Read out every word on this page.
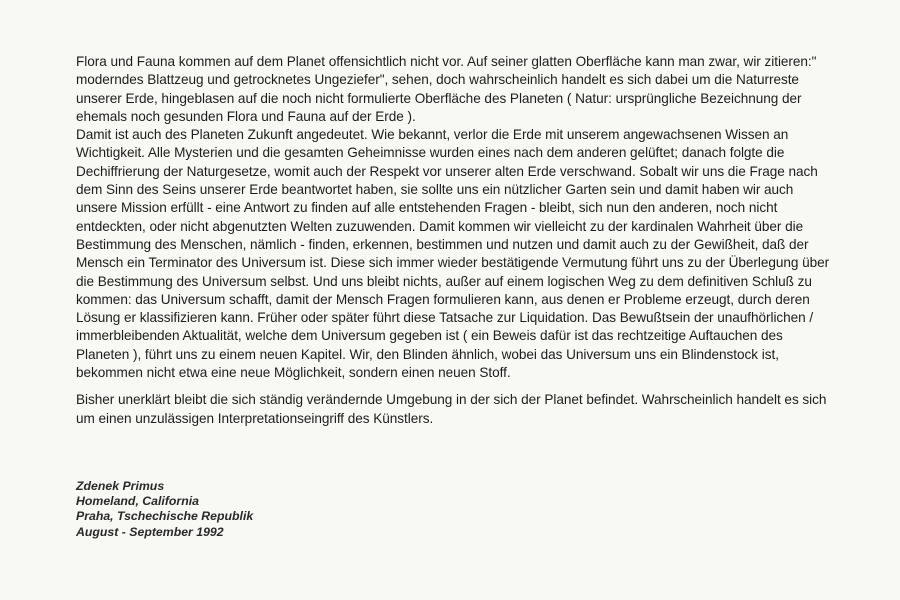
Flora und Fauna kommen auf dem Planet offensichtlich nicht vor. Auf seiner glatten Oberfläche kann man zwar, wir zitieren:" moderndes Blattzeug und getrocknetes Ungeziefer", sehen, doch wahrscheinlich handelt es sich dabei um die Naturreste unserer Erde, hingeblasen auf die noch nicht formulierte Oberfläche des Planeten ( Natur: ursprüngliche Bezeichnung der ehemals noch gesunden Flora und Fauna auf der Erde ).

Damit ist auch des Planeten Zukunft angedeutet. Wie bekannt, verlor die Erde mit unserem angewachsenen Wissen an Wichtigkeit. Alle Mysterien und die gesamten Geheimnisse wurden eines nach dem anderen gelüftet; danach folgte die Dechiffrierung der Naturgesetze, womit auch der Respekt vor unserer alten Erde verschwand. Sobalt wir uns die Frage nach dem Sinn des Seins unserer Erde beantwortet haben, sie sollte uns ein nützlicher Garten sein und damit haben wir auch unsere Mission erfüllt - eine Antwort zu finden auf alle entstehenden Fragen - bleibt, sich nun den anderen, noch nicht entdeckten, oder nicht abgenutzten Welten zuzuwenden. Damit kommen wir vielleicht zu der kardinalen Wahrheit über die Bestimmung des Menschen, nämlich - finden, erkennen, bestimmen und nutzen und damit auch zu der Gewißheit, daß der Mensch ein Terminator des Universum ist. Diese sich immer wieder bestätigende Vermutung führt uns zu der Überlegung über die Bestimmung des Universum selbst. Und uns bleibt nichts, außer auf einem logischen Weg zu dem definitiven Schluß zu kommen: das Universum schafft, damit der Mensch Fragen formulieren kann, aus denen er Probleme erzeugt, durch deren Lösung er klassifizieren kann. Früher oder später führt diese Tatsache zur Liquidation. Das Bewußtsein der unaufhörlichen / immerbleibenden Aktualität, welche dem Universum gegeben ist ( ein Beweis dafür ist das rechtzeitige Auftauchen des Planeten ), führt uns zu einem neuen Kapitel. Wir, den Blinden ähnlich, wobei das Universum uns ein Blindenstock ist, bekommen nicht etwa eine neue Möglichkeit, sondern einen neuen Stoff.

Bisher unerklärt bleibt die sich ständig verändernde Umgebung in der sich der Planet befindet. Wahrscheinlich handelt es sich um einen unzulässigen Interpretationseingriff des Künstlers.

Zdenek Primus
Homeland, California
Praha, Tschechische Republik
August - September 1992
